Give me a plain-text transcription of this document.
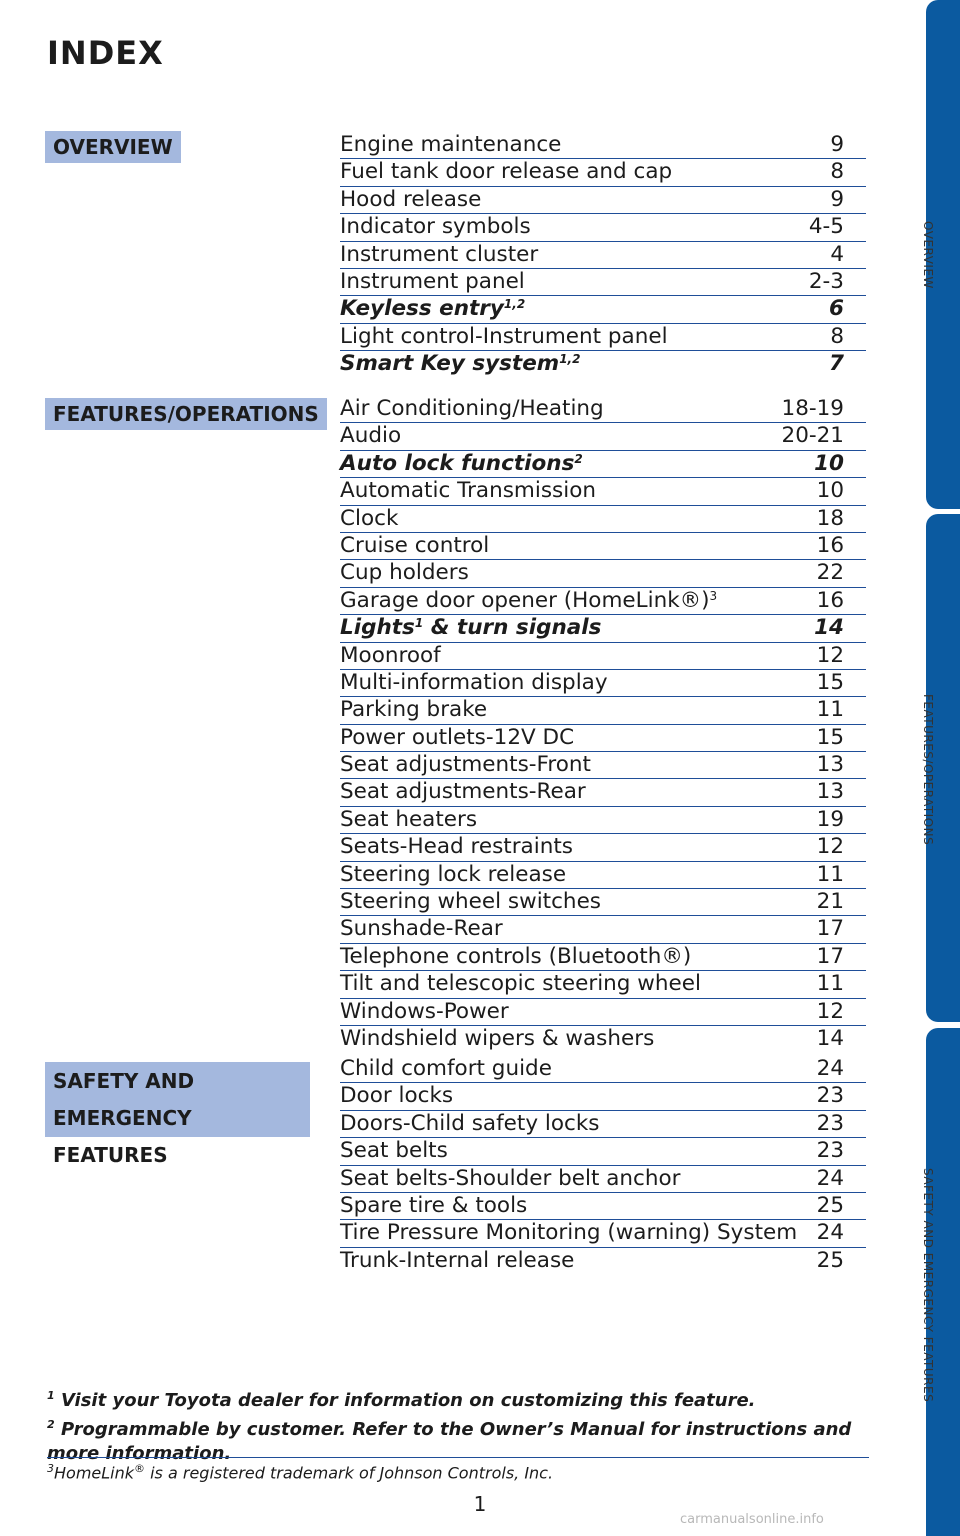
INDEX
OVERVIEW
FEATURES/OPERATIONS
SAFETY AND
EMERGENCY FEATURES
Engine maintenance	9
Fuel tank door release and cap	8
Hood release	9
Indicator symbols	4-5
Instrument cluster	4
Instrument panel	2-3
Keyless entry$^{1,2}$	6
Light control-Instrument panel	8
Smart Key system$^{1,2}$	7
Air Conditioning/Heating	18-19
Audio	20-21
Auto lock functions$^2$	10
Automatic Transmission	10
Clock	18
Cruise control	16
Cup holders	22
Garage door opener (HomeLink®)$^3$	16
Lights$^1$ & turn signals	14
Moonroof	12
Multi-information display	15
Parking brake	11
Power outlets-12V DC	15
Seat adjustments-Front	13
Seat adjustments-Rear	13
Seat heaters	19
Seats-Head restraints	12
Steering lock release	11
Steering wheel switches	21
Sunshade-Rear	17
Telephone controls (Bluetooth®)	17
Tilt and telescopic steering wheel	11
Windows-Power	12
Windshield wipers & washers	14
Child comfort guide	24
Door locks	23
Doors-Child safety locks	23
Seat belts	23
Seat belts-Shoulder belt anchor	24
Spare tire & tools	25
Tire Pressure Monitoring (warning) System 24
Trunk-Internal release	25
OVERVIEW
FEATURES/OPERATIONS
SAFETY AND EMERGENCY FEATURES
$^1$ Visit your Toyota dealer for information on customizing this feature.
$^2$ Programmable by customer. Refer to the Owner’s Manual for instructions and more information.
$^3$HomeLink® is a registered trademark of Johnson Controls, Inc.
1
carmanualsonline.info
